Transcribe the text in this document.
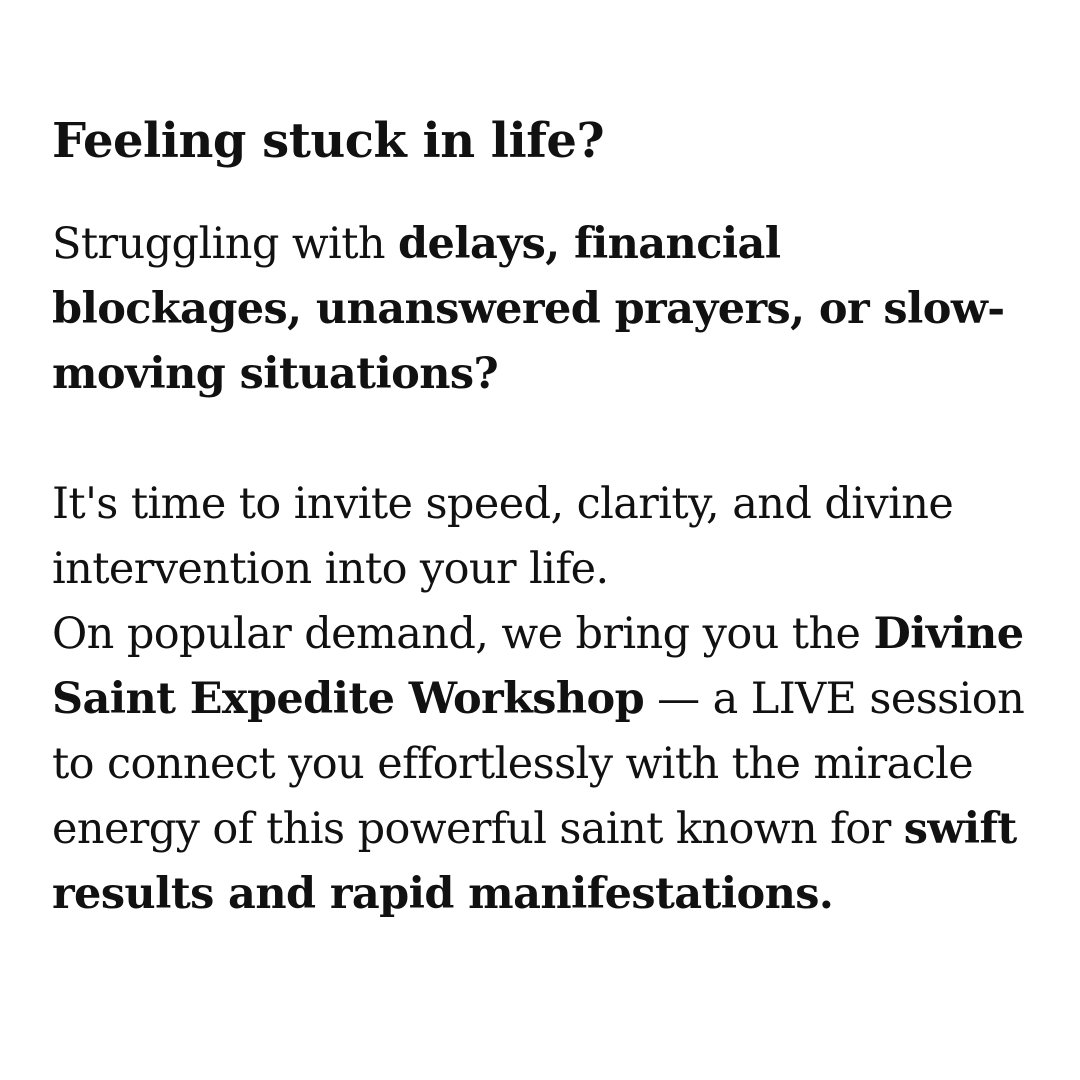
Feeling stuck in life?

Struggling with delays, financial blockages, unanswered prayers, or slow-moving situations?

It's time to invite speed, clarity, and divine intervention into your life.
On popular demand, we bring you the Divine Saint Expedite Workshop — a LIVE session to connect you effortlessly with the miracle energy of this powerful saint known for swift results and rapid manifestations.
